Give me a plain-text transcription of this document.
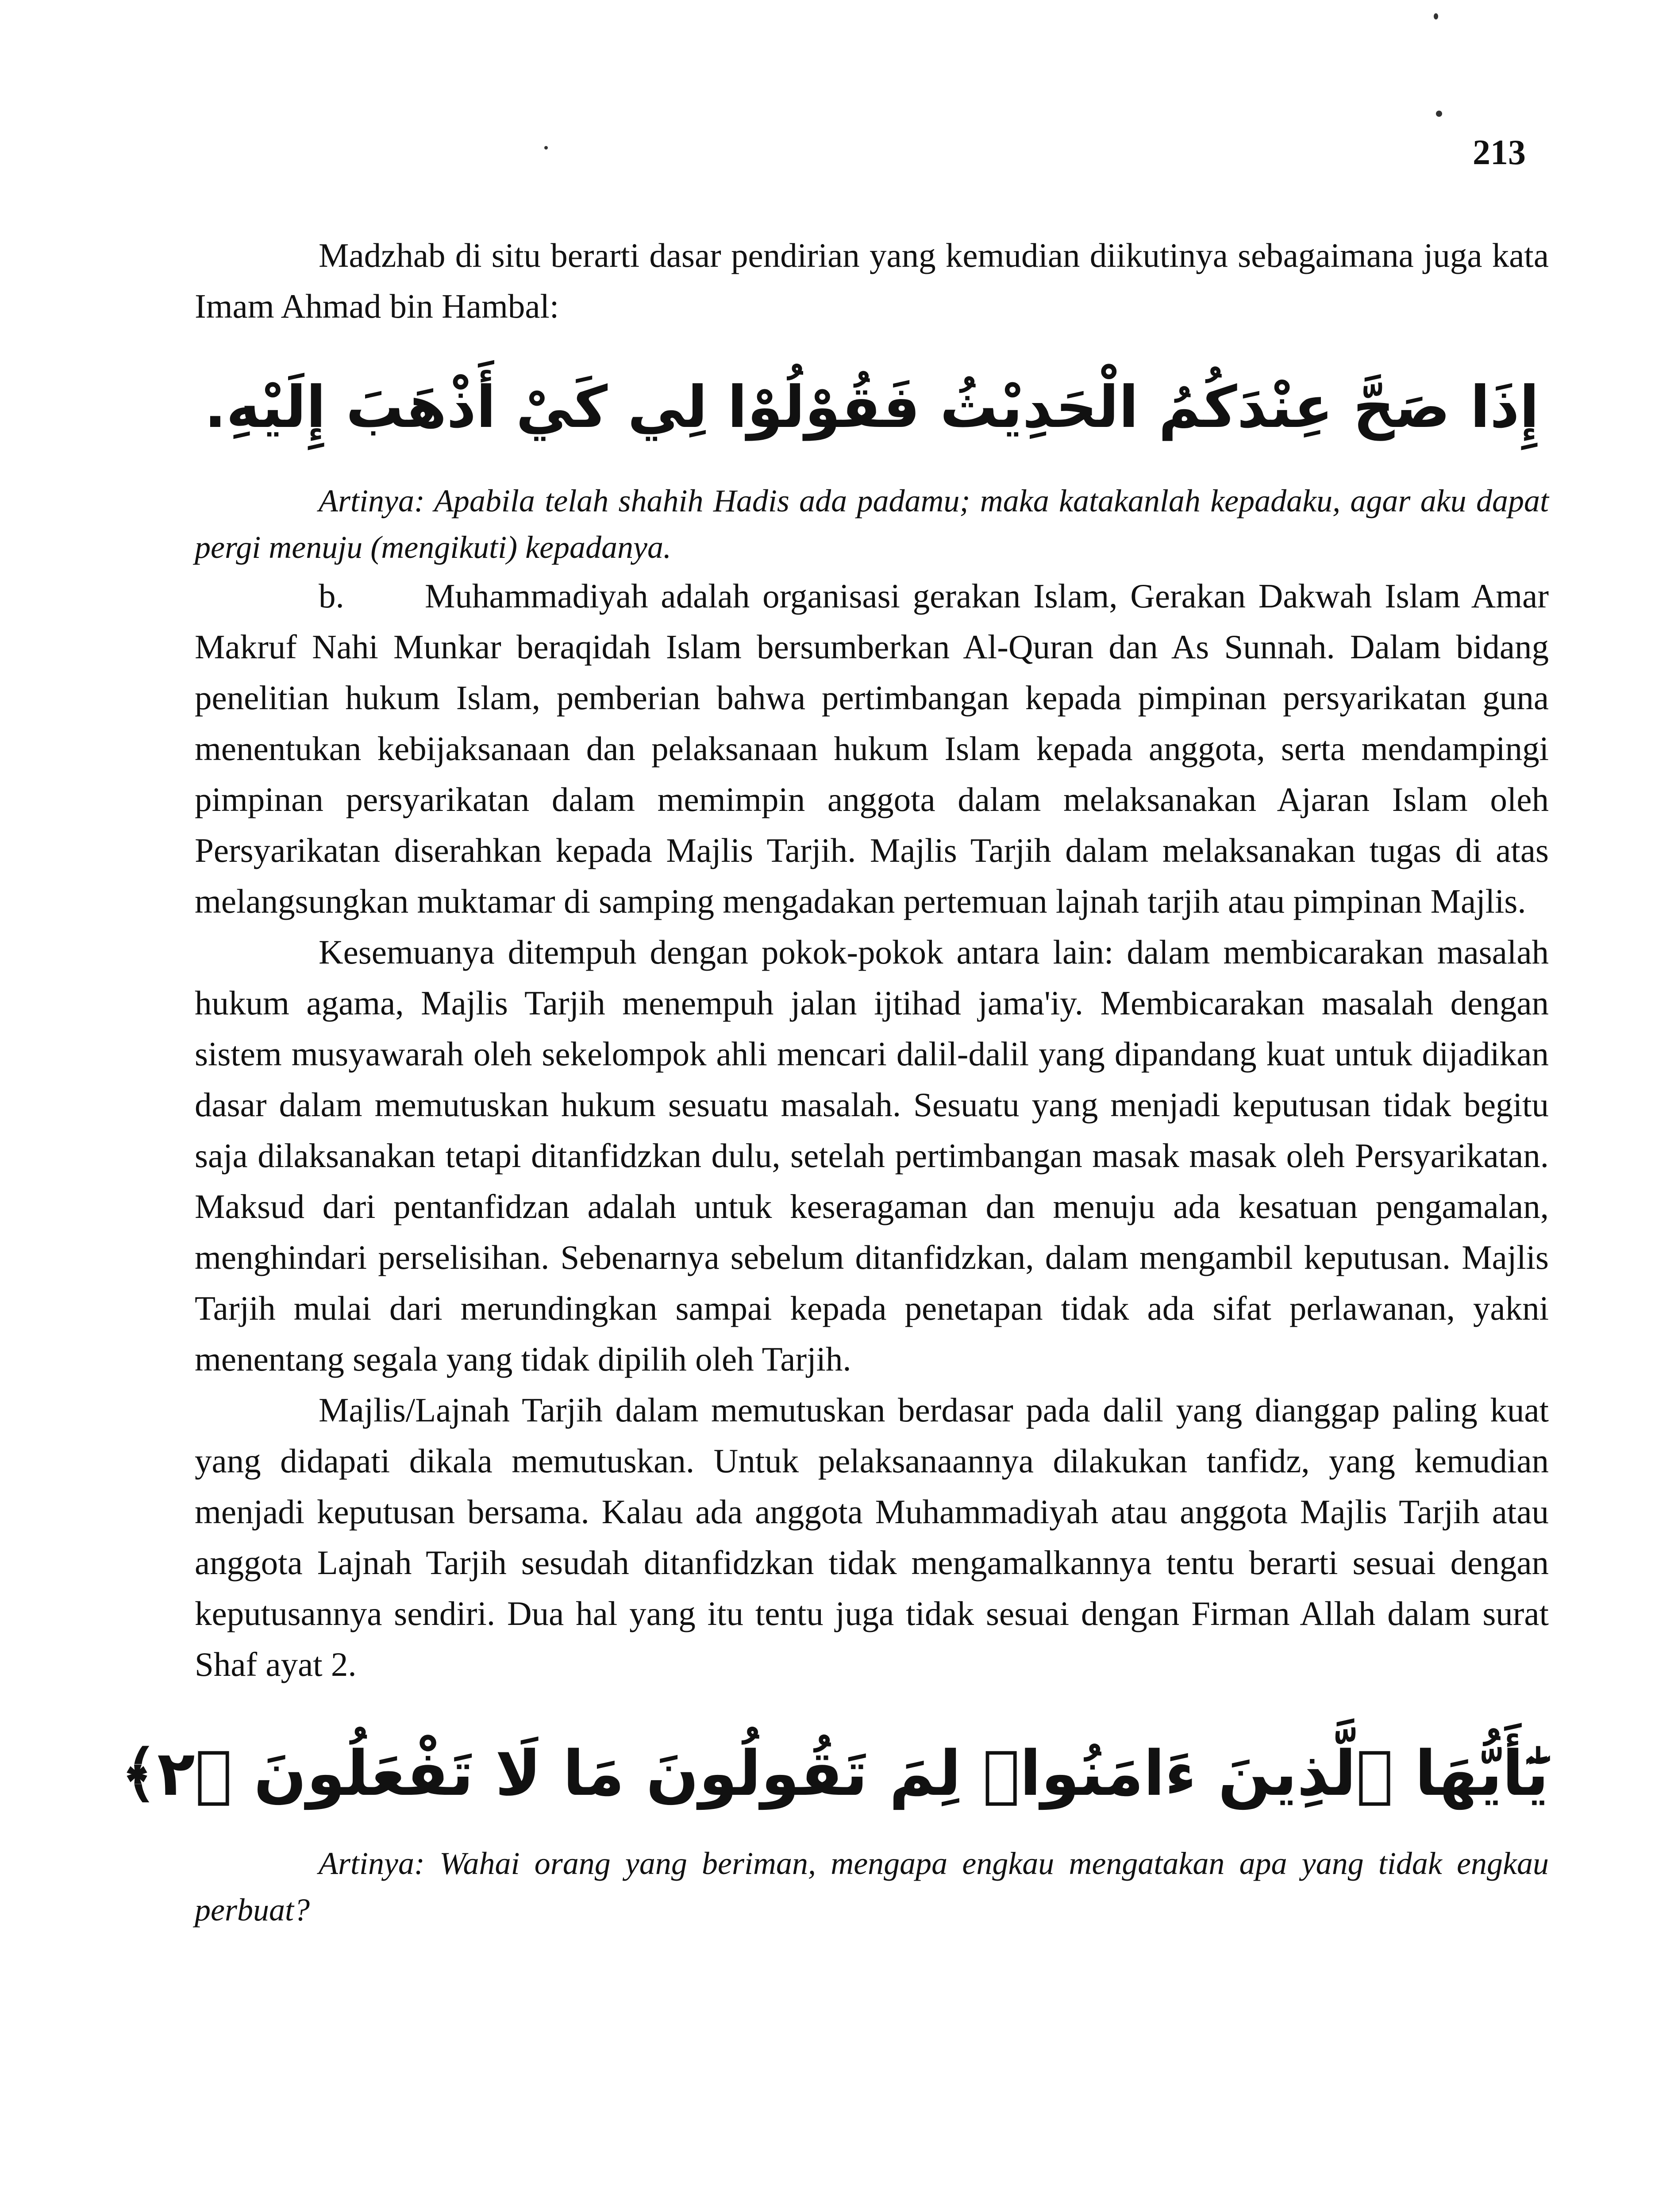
213

Madzhab di situ berarti dasar pendirian yang kemudian diikutinya sebagaimana juga kata Imam Ahmad bin Hambal:

إِذَا صَحَّ عِنْدَكُمُ الْحَدِيْثُ فَقُوْلُوْا لِي كَيْ أَذْهَبَ إِلَيْهِ.

Artinya: Apabila telah shahih Hadis ada padamu; maka katakanlah kepadaku, agar aku dapat pergi menuju (mengikuti) kepadanya.

b. Muhammadiyah adalah organisasi gerakan Islam, Gerakan Dakwah Islam Amar Makruf Nahi Munkar beraqidah Islam bersumberkan Al-Quran dan As Sunnah. Dalam bidang penelitian hukum Islam, pemberian bahwa pertimbangan kepada pimpinan persyarikatan guna menentukan kebijaksanaan dan pelaksanaan hukum Islam kepada anggota, serta mendampingi pimpinan persyarikatan dalam memimpin anggota dalam melaksanakan Ajaran Islam oleh Persyarikatan diserahkan kepada Majlis Tarjih. Majlis Tarjih dalam melaksanakan tugas di atas melangsungkan muktamar di samping mengadakan pertemuan lajnah tarjih atau pimpinan Majlis.

Kesemuanya ditempuh dengan pokok-pokok antara lain: dalam membicarakan masalah hukum agama, Majlis Tarjih menempuh jalan ijtihad jama'iy. Membicarakan masalah dengan sistem musyawarah oleh sekelompok ahli mencari dalil-dalil yang dipandang kuat untuk dijadikan dasar dalam memutuskan hukum sesuatu masalah. Sesuatu yang menjadi keputusan tidak begitu saja dilaksanakan tetapi ditanfidzkan dulu, setelah pertimbangan masak masak oleh Persyarikatan. Maksud dari pentanfidzan adalah untuk keseragaman dan menuju ada kesatuan pengamalan, menghindari perselisihan. Sebenarnya sebelum ditanfidzkan, dalam mengambil keputusan. Majlis Tarjih mulai dari merundingkan sampai kepada penetapan tidak ada sifat perlawanan, yakni menentang segala yang tidak dipilih oleh Tarjih.

Majlis/Lajnah Tarjih dalam memutuskan berdasar pada dalil yang dianggap paling kuat yang didapati dikala memutuskan. Untuk pelaksanaannya dilakukan tanfidz, yang kemudian menjadi keputusan bersama. Kalau ada anggota Muhammadiyah atau anggota Majlis Tarjih atau anggota Lajnah Tarjih sesudah ditanfidzkan tidak mengamalkannya tentu berarti sesuai dengan keputusannya sendiri. Dua hal yang itu tentu juga tidak sesuai dengan Firman Allah dalam surat Shaf ayat 2.

يَٰٓأَيُّهَا ٱلَّذِينَ ءَامَنُوا۟ لِمَ تَقُولُونَ مَا لَا تَفْعَلُونَ ﴿٢﴾

Artinya: Wahai orang yang beriman, mengapa engkau mengatakan apa yang tidak engkau perbuat?
